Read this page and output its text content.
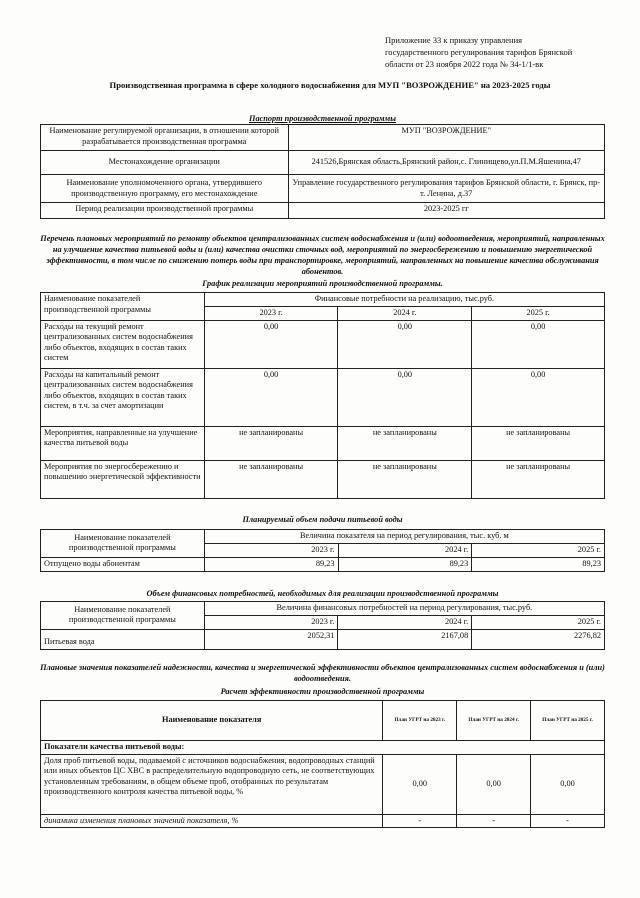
Приложение 33 к приказу управления
государственного регулирования тарифов Брянской
области от 23 ноября 2022 года № 34-1/1-вк
Производственная программа в сфере холодного водоснабжения для МУП "ВОЗРОЖДЕНИЕ" на 2023-2025 годы
Паспорт производственной программы
Наименование регулируемой организации, в отношении которой разрабатывается производственная программа	МУП "ВОЗРОЖДЕНИЕ"
Местонахождение организации	241526,Брянская область,Брянский район,с. Глинищево,ул.П.М.Яшенина,47
Наименование уполномоченного органа, утвердившего производственную программу, его местонахождение	Управление государственного регулирования тарифов Брянской области, г. Брянск, пр-т. Ленина, д.37
Период реализации производственной программы	2023-2025 гг
Перечень плановых мероприятий по ремонту объектов централизованных систем водоснабжения и (или) водоотведения, мероприятий, направленных на улучшение качества питьевой воды и (или) качества очистки сточных вод, мероприятий по энергосбережению и повышению энергетической эффективности, в том числе по снижению потерь воды при транспортировке, мероприятий, направленных на повышение качества обслуживания абонентов.
График реализации мероприятий производственной программы.
Наименование показателей производственной программы	Финансовые потребности на реализацию, тыс.руб.		
	2023 г.	2024 г.	2025 г.
Расходы на текущий ремонт централизованных систем водоснабжения либо объектов, входящих в состав таких систем	0,00	0,00	0,00
Расходы на капитальный ремонт централизованных систем водоснабжения либо объектов, входящих в состав таких систем, в т.ч. за счет амортизации	0,00	0,00	0,00
Мероприятия, направленные на улучшение качества питьевой воды	не запланированы	не запланированы	не запланированы
Мероприятия по энергосбережению и повышению энергетической эффективности	не запланированы	не запланированы	не запланированы
Планируемый объем подачи питьевой воды
Наименование показателей производственной программы	Величина показателя на период регулирования, тыс. куб. м		
	2023 г.	2024 г.	2025 г.
Отпущено воды абонентам	89,23	89,23	89,23
Объем финансовых потребностей, необходимых для реализации производственной программы
Наименование показателей производственной программы	Величина финансовых потребностей на период регулирования, тыс.руб.		
	2023 г.	2024 г.	2025 г.
Питьевая вода	2052,31	2167,08	2276,82
Плановые значения показателей надежности, качества и энергетической эффективности объектов централизованных систем водоснабжения и (или) водоотведения.
Расчет эффективности производственной программы
Наименование показателя	План УГРТ на 2023 г.	План УГРТ на 2024 г.	План УГРТ на 2025 г.
Показатели качества питьевой воды:			
Доля проб питьевой воды, подаваемой с источников водоснабжения, водопроводных станций или иных объектов ЦС ХВС в распределительную водопроводную сеть, не соответствующих установленным требованиям, в общем объеме проб, отобранных по результатам производственного контроля качества питьевой воды, %	0,00	0,00	0,00
динамика изменения плановых значений показателя, %	-	-	-
